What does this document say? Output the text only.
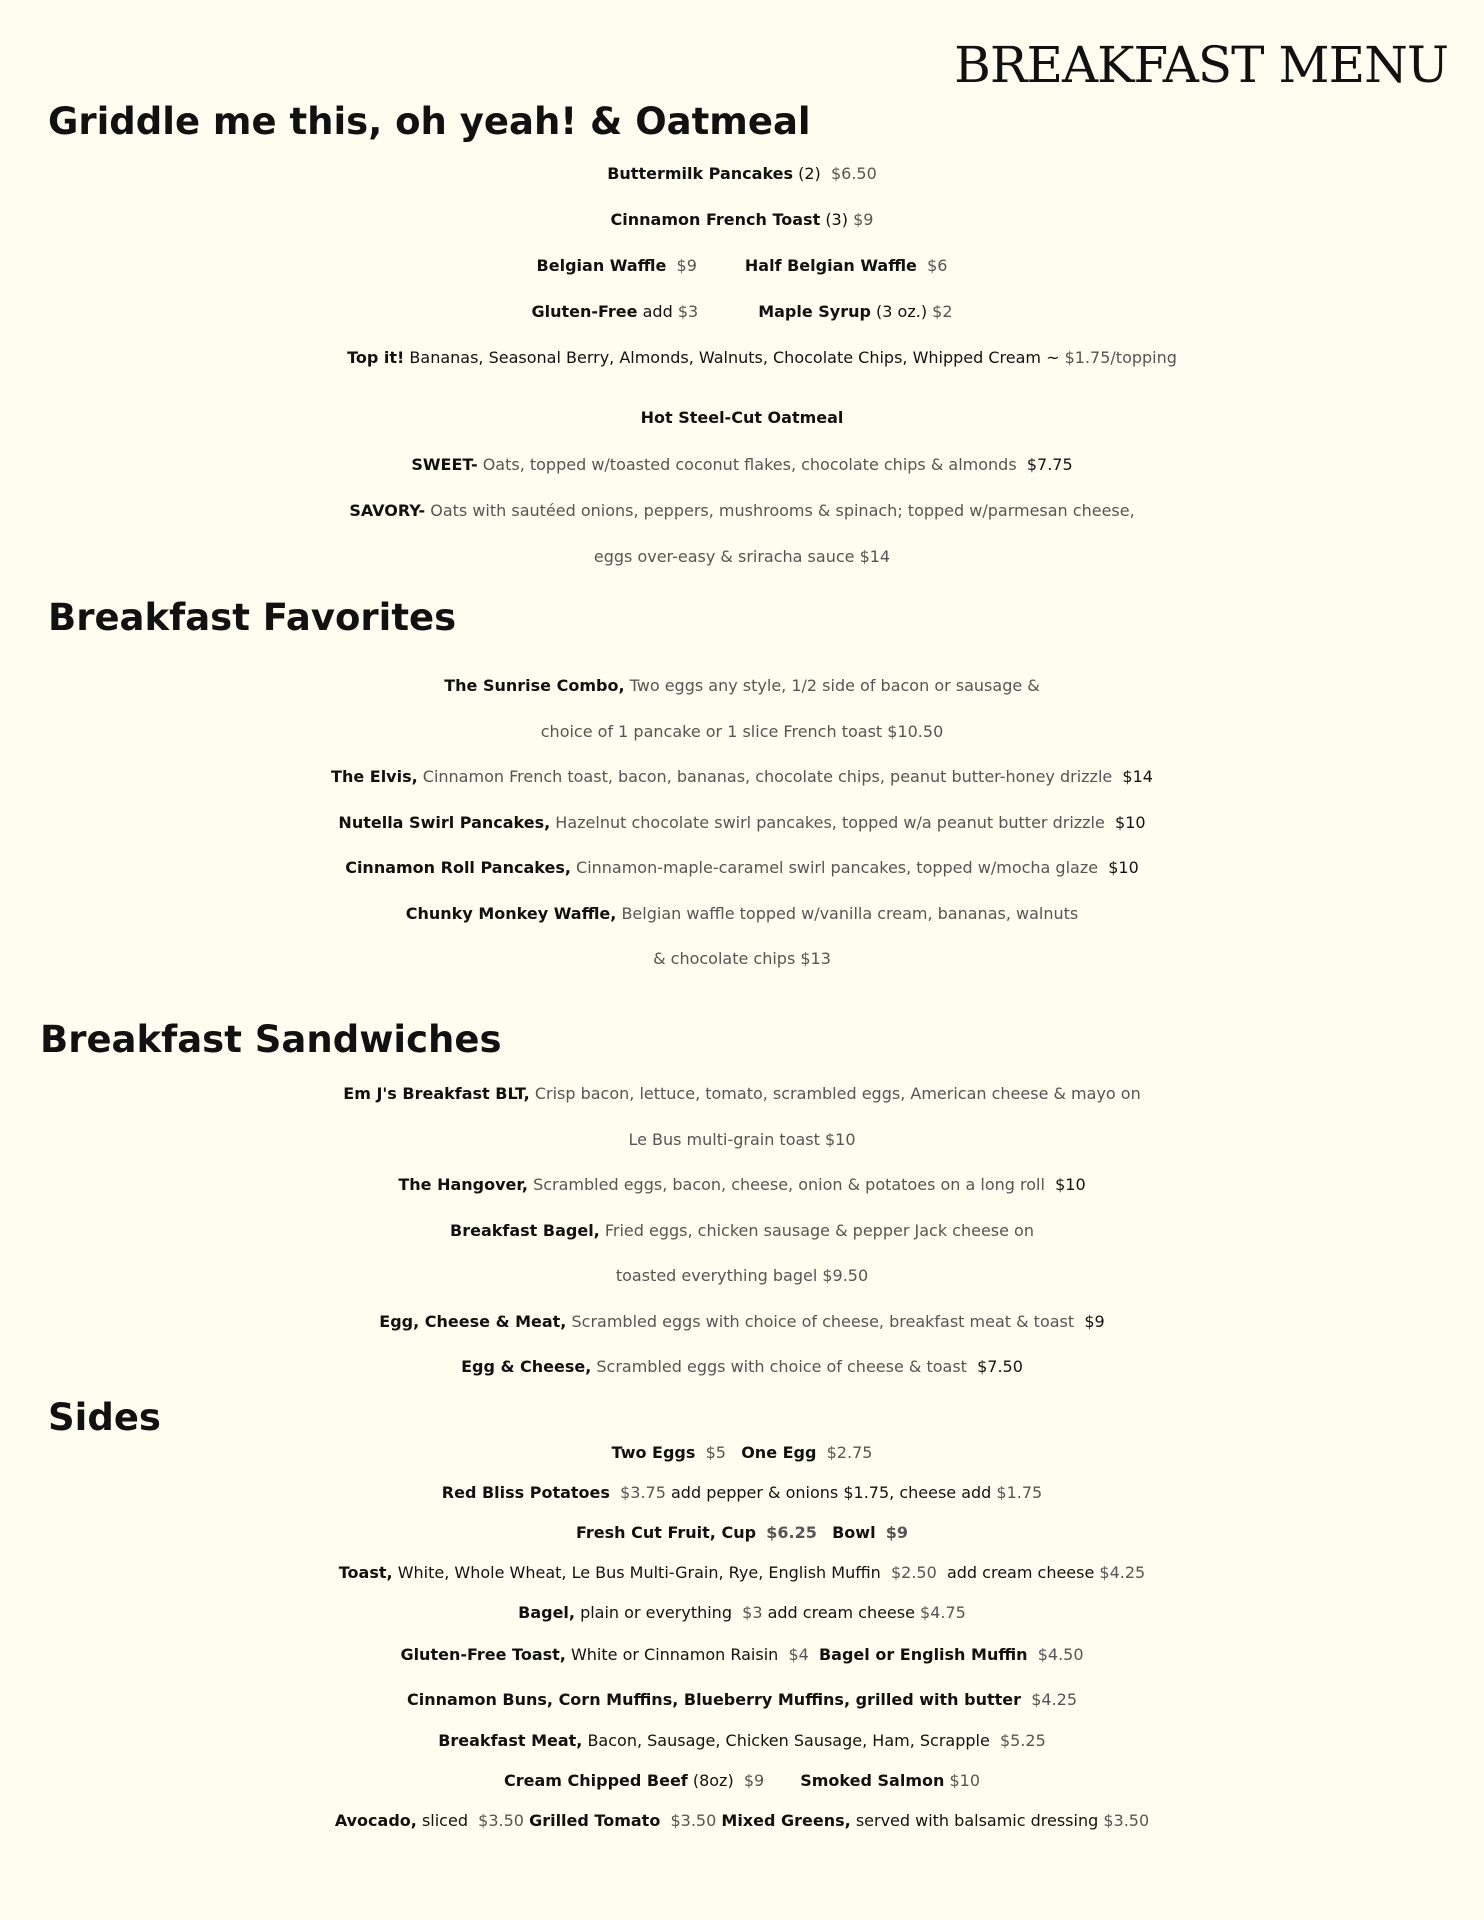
BREAKFAST MENU
Griddle me this, oh yeah! & Oatmeal
Buttermilk Pancakes (2) $6.50
Cinnamon French Toast (3) $9
Belgian Waffle $9	Half Belgian Waffle $6
Gluten-Free add $3	Maple Syrup (3 oz.) $2
Top it! Bananas, Seasonal Berry, Almonds, Walnuts, Chocolate Chips, Whipped Cream ~ $1.75/topping
Hot Steel-Cut Oatmeal
SWEET- Oats, topped w/toasted coconut flakes, chocolate chips & almonds $7.75
SAVORY- Oats with sautéed onions, peppers, mushrooms & spinach; topped w/parmesan cheese,
eggs over-easy & sriracha sauce $14
Breakfast Favorites
The Sunrise Combo, Two eggs any style, 1/2 side of bacon or sausage &
choice of 1 pancake or 1 slice French toast $10.50
The Elvis, Cinnamon French toast, bacon, bananas, chocolate chips, peanut butter-honey drizzle $14
Nutella Swirl Pancakes, Hazelnut chocolate swirl pancakes, topped w/a peanut butter drizzle $10
Cinnamon Roll Pancakes, Cinnamon-maple-caramel swirl pancakes, topped w/mocha glaze $10
Chunky Monkey Waffle, Belgian waffle topped w/vanilla cream, bananas, walnuts
& chocolate chips $13
Breakfast Sandwiches
Em J's Breakfast BLT, Crisp bacon, lettuce, tomato, scrambled eggs, American cheese & mayo on
Le Bus multi-grain toast $10
The Hangover, Scrambled eggs, bacon, cheese, onion & potatoes on a long roll $10
Breakfast Bagel, Fried eggs, chicken sausage & pepper Jack cheese on
toasted everything bagel $9.50
Egg, Cheese & Meat, Scrambled eggs with choice of cheese, breakfast meat & toast $9
Egg & Cheese, Scrambled eggs with choice of cheese & toast $7.50
Sides
Two Eggs $5 One Egg $2.75
Red Bliss Potatoes $3.75 add pepper & onions $1.75, cheese add $1.75
Fresh Cut Fruit, Cup $6.25 Bowl $9
Toast, White, Whole Wheat, Le Bus Multi-Grain, Rye, English Muffin $2.50 add cream cheese $4.25
Bagel, plain or everything $3 add cream cheese $4.75
Gluten-Free Toast, White or Cinnamon Raisin $4 Bagel or English Muffin $4.50
Cinnamon Buns, Corn Muffins, Blueberry Muffins, grilled with butter $4.25
Breakfast Meat, Bacon, Sausage, Chicken Sausage, Ham, Scrapple $5.25
Cream Chipped Beef (8oz) $9 Smoked Salmon $10
Avocado, sliced $3.50 Grilled Tomato $3.50 Mixed Greens, served with balsamic dressing $3.50
